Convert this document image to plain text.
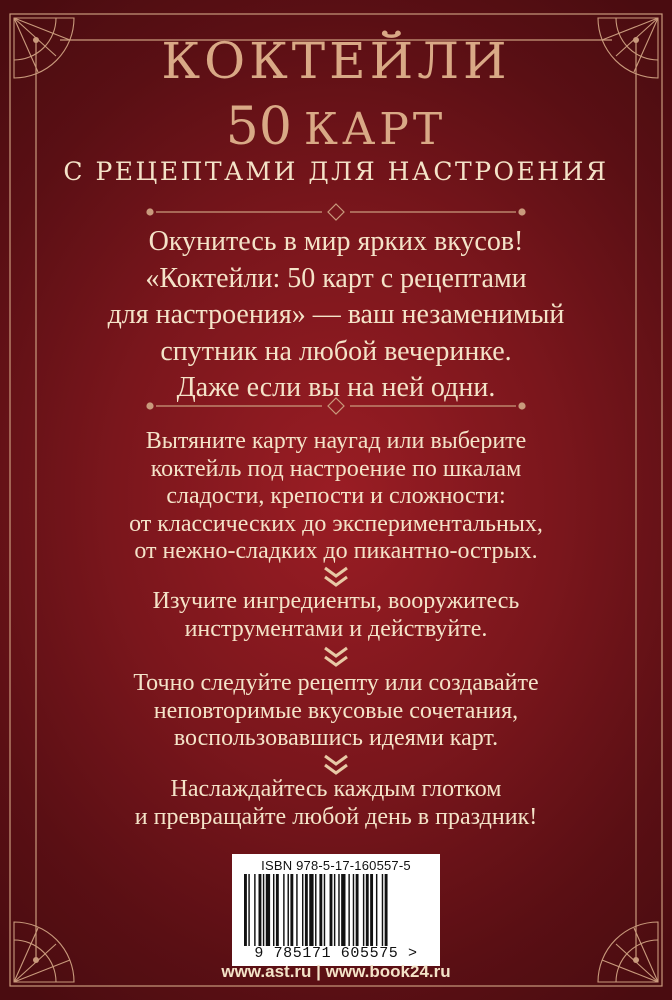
КОКТЕЙЛИ
50 КАРТ
С РЕЦЕПТАМИ ДЛЯ НАСТРОЕНИЯ
Окунитесь в мир ярких вкусов!
«Коктейли: 50 карт с рецептами
для настроения» — ваш незаменимый
спутник на любой вечеринке.
Даже если вы на ней одни.
Вытяните карту наугад или выберите
коктейль под настроение по шкалам
сладости, крепости и сложности:
от классических до экспериментальных,
от нежно-сладких до пикантно-острых.
Изучите ингредиенты, вооружитесь
инструментами и действуйте.
Точно следуйте рецепту или создавайте
неповторимые вкусовые сочетания,
воспользовавшись идеями карт.
Наслаждайтесь каждым глотком
и превращайте любой день в праздник!
ISBN 978-5-17-160557-5
9 785171 605575 >
www.ast.ru | www.book24.ru
